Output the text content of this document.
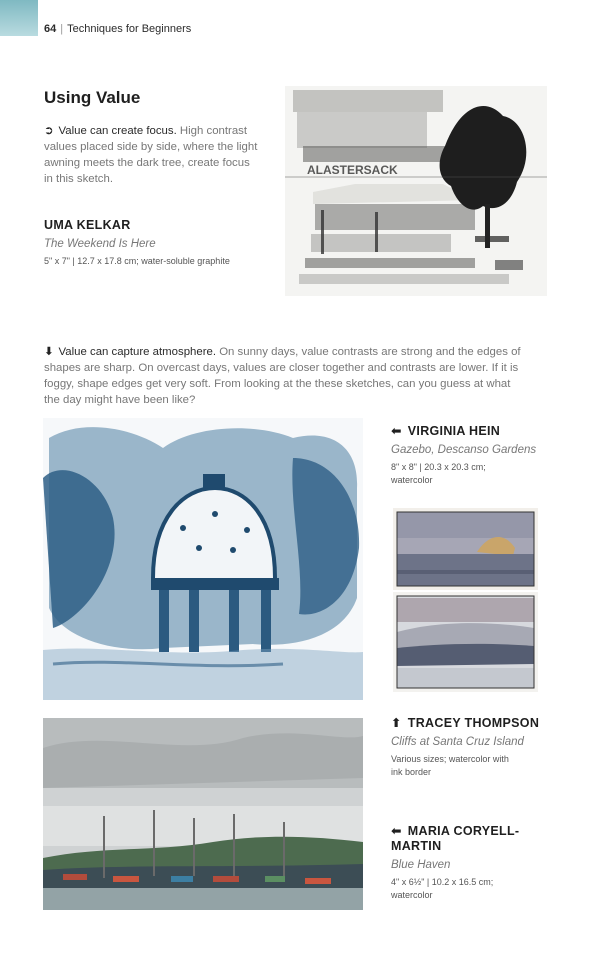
64 | Techniques for Beginners
Using Value
➲ Value can create focus. High contrast values placed side by side, where the light awning meets the dark tree, create focus in this sketch.
UMA KELKAR
The Weekend Is Here
5" x 7" | 12.7 x 17.8 cm; water-soluble graphite
ALASTERSACK
⬇ Value can capture atmosphere. On sunny days, value contrasts are strong and the edges of shapes are sharp. On overcast days, values are closer together and contrasts are lower. If it is foggy, shape edges get very soft. From looking at the these sketches, can you guess at what the day might have been like?
⬅ VIRGINIA HEIN
Gazebo, Descanso Gardens
8" x 8" | 20.3 x 20.3 cm;
watercolor
⬆ TRACEY THOMPSON
Cliffs at Santa Cruz Island
Various sizes; watercolor with
ink border
⬅ MARIA CORYELL-
MARTIN
Blue Haven
4" x 6½" | 10.2 x 16.5 cm;
watercolor
